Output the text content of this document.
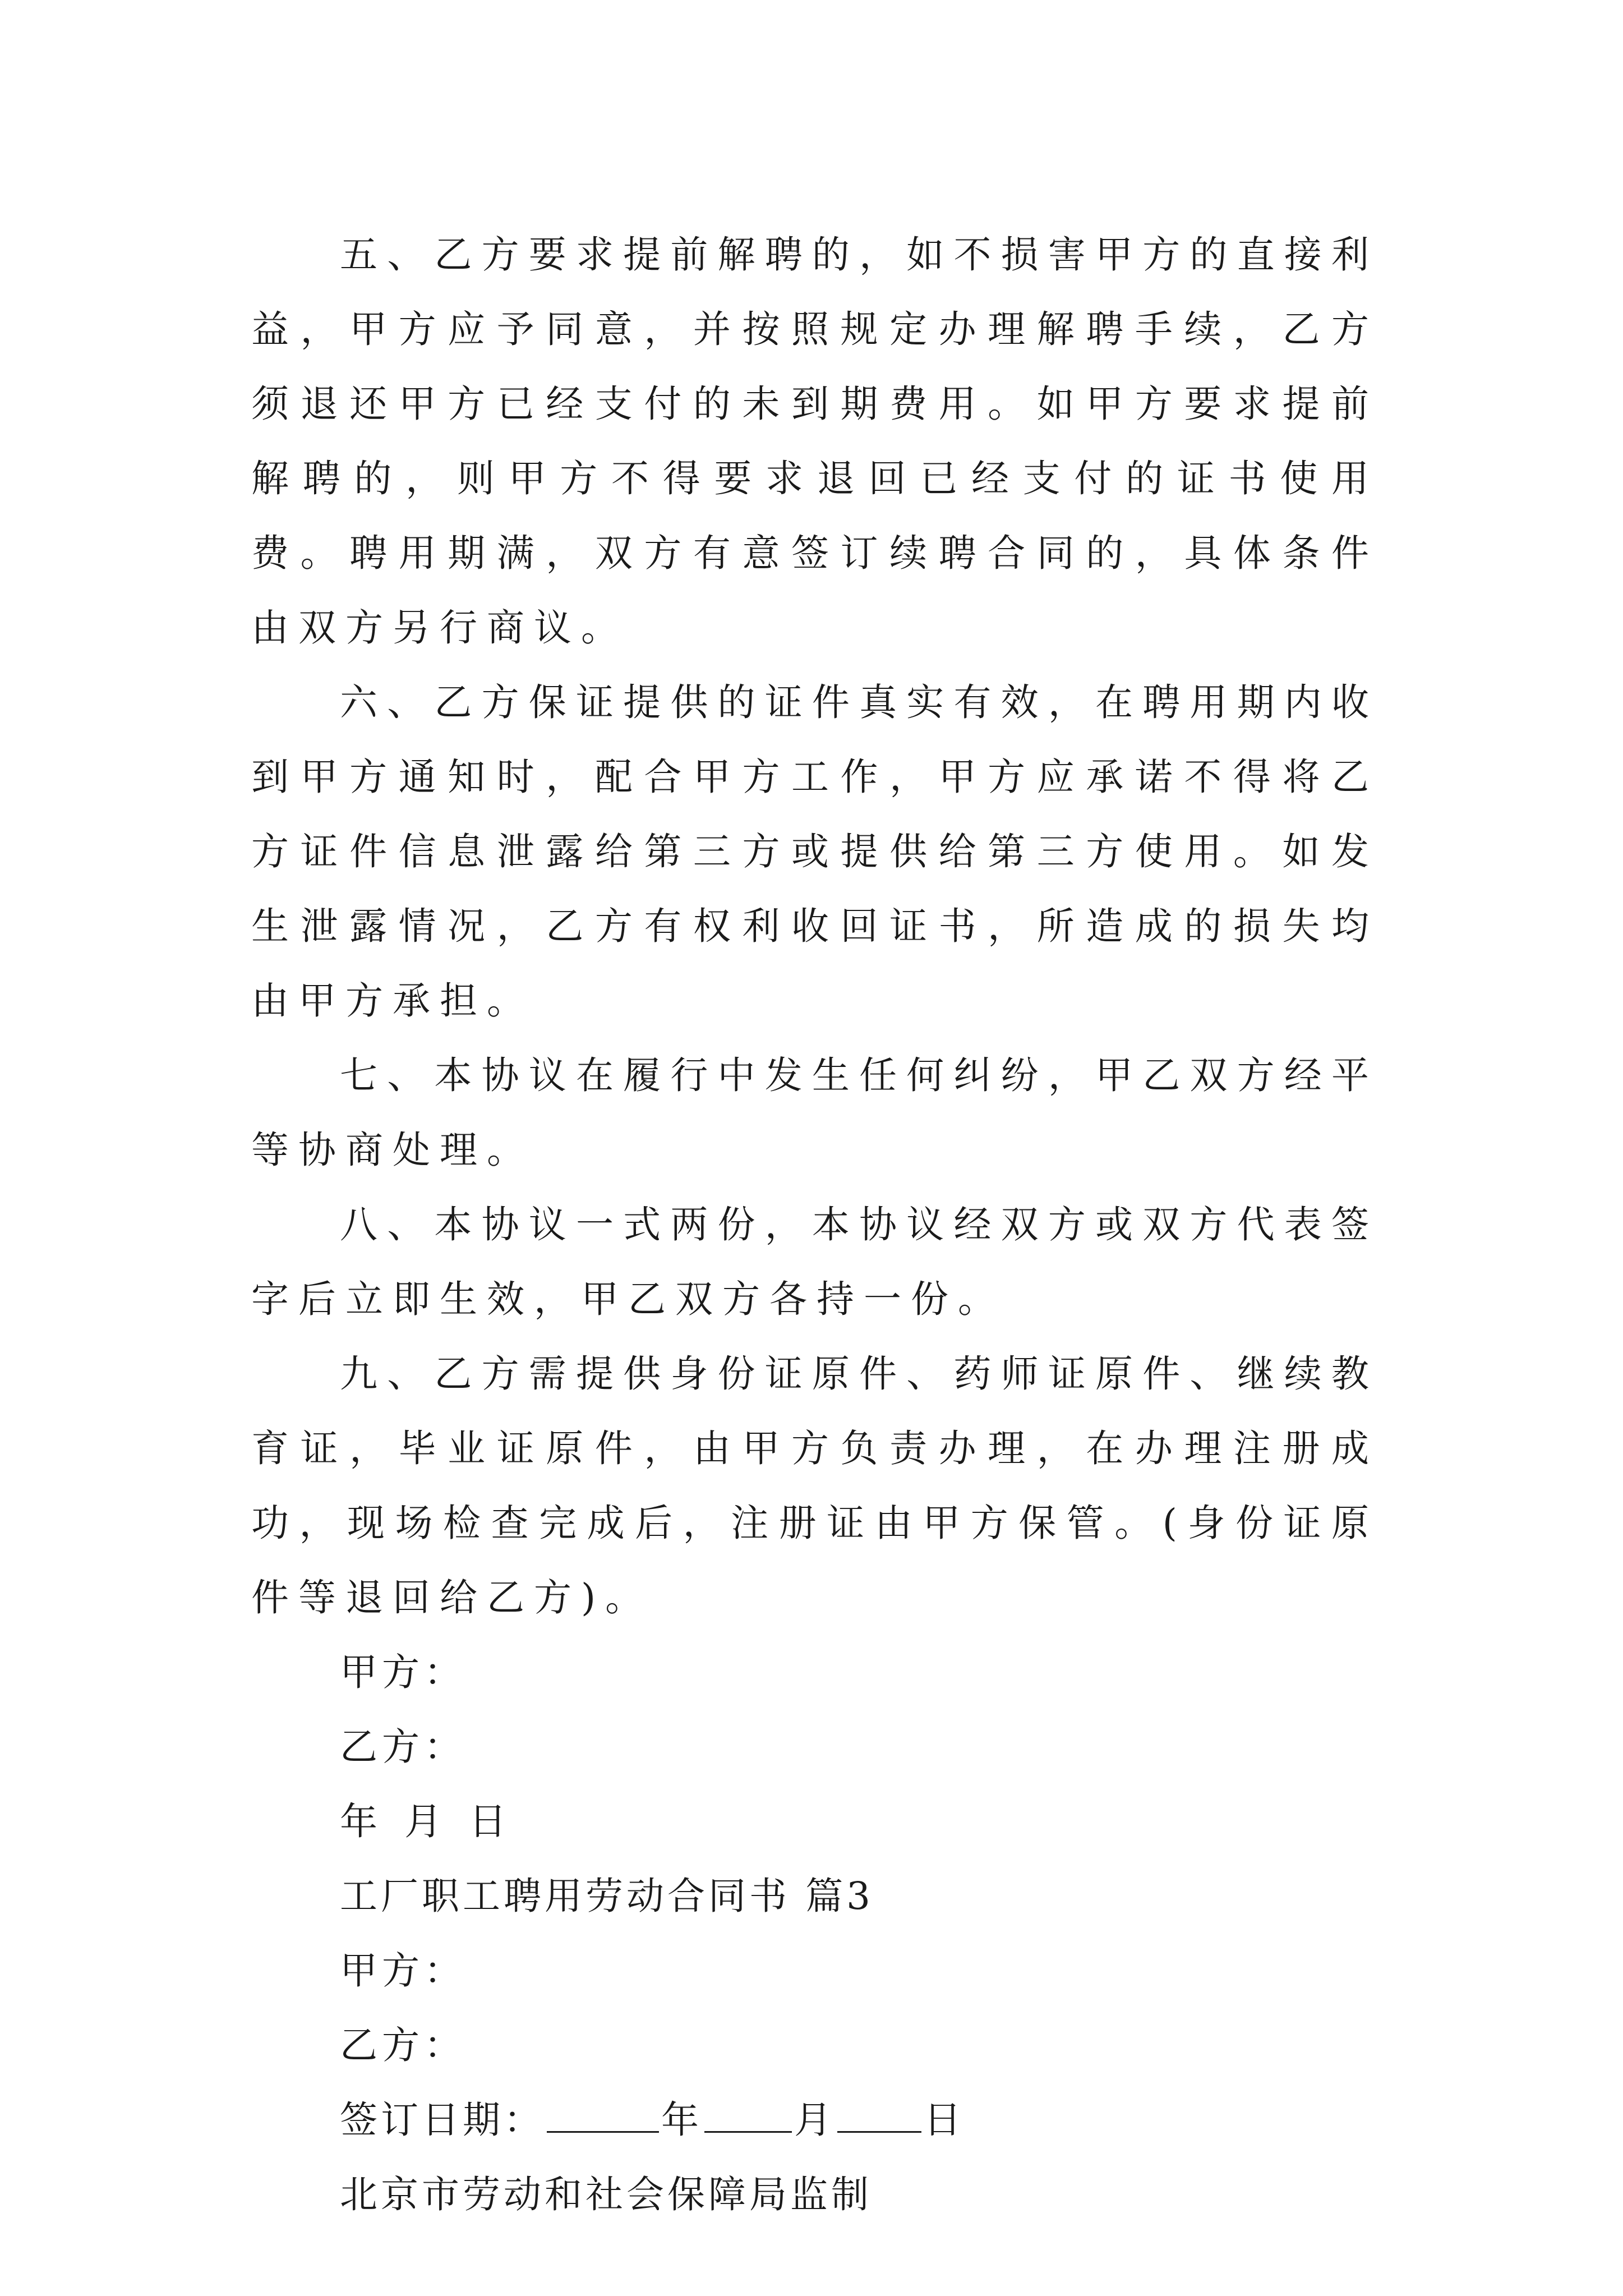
五、乙方要求提前解聘的，如不损害甲方的直接利益，甲方应予同意，并按照规定办理解聘手续，乙方须退还甲方已经支付的未到期费用。如甲方要求提前解聘的，则甲方不得要求退回已经支付的证书使用费。聘用期满，双方有意签订续聘合同的，具体条件由双方另行商议。

六、乙方保证提供的证件真实有效，在聘用期内收到甲方通知时，配合甲方工作，甲方应承诺不得将乙方证件信息泄露给第三方或提供给第三方使用。如发生泄露情况，乙方有权利收回证书，所造成的损失均由甲方承担。

七、本协议在履行中发生任何纠纷，甲乙双方经平等协商处理。

八、本协议一式两份，本协议经双方或双方代表签字后立即生效，甲乙双方各持一份。

九、乙方需提供身份证原件、药师证原件、继续教育证，毕业证原件，由甲方负责办理，在办理注册成功，现场检查完成后，注册证由甲方保管。(身份证原件等退回给乙方)。

甲方：

乙方：

年 月 日

工厂职工聘用劳动合同书 篇3

甲方：

乙方：

签订日期：	年 月 日

北京市劳动和社会保障局监制
